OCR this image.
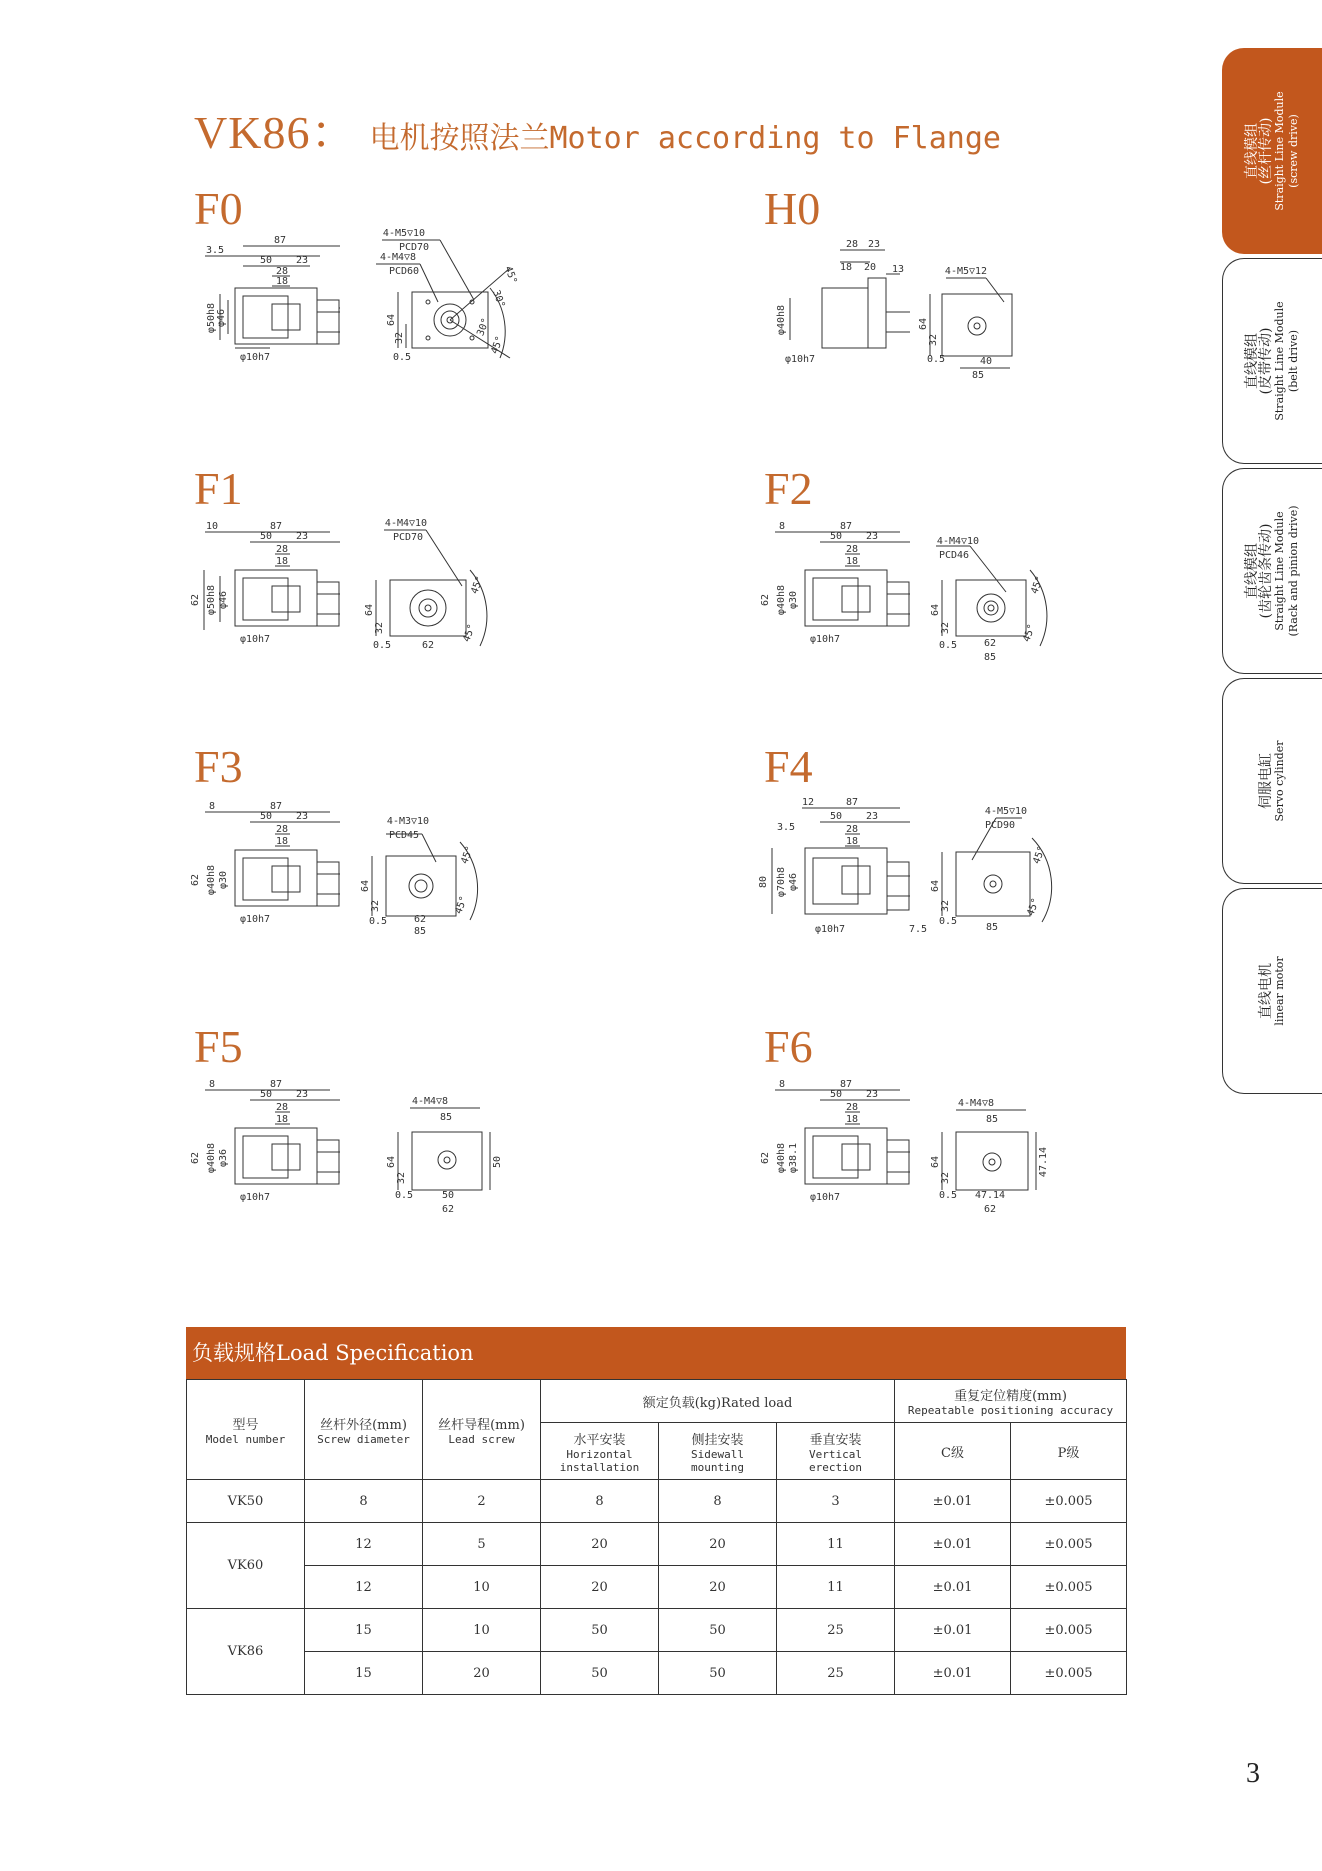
VK86： 电机按照法兰Motor according to Flange
F0	H0
F1	F2
F3	F4
F5	F6
87
3.5
50 23
28
18
φ50h8 φ46
φ10h7
4-M5▽10
PCD70
4-M4▽8
PCD60	45°
30°
30°
45°
64
32
0.5
28 23
18 20 13
φ40h8
φ10h7
64
32
0.5	40
85
4-M5▽12
10	87
50 23
28
18
62 φ50h8 φ46
φ10h7
64
32
0.5	62
4-M4▽10
PCD70
45°
45°
8	87
50 23
28
18
62 φ40h8 φ30
φ10h7
64
32
0.5	62
85
4-M4▽10
PCD46
45°
45°
8	87
50 23
28
18
62 φ40h8 φ30
φ10h7
64
32
0.5	62
85
4-M3▽10
PCD45
45°
45°
12	87
3.5
50 23
28
18
80 φ70h8 φ46
φ10h7	7.5
64
32
0.5
85
4-M5▽10
PCD90
45°
45°
8	87
50 23
28
18
62 φ40h8 φ36
φ10h7
85
64
32
0.5	50
62
50
4-M4▽8
8	87
50 23
28
18
62 φ40h8 φ38.1
φ10h7
85
64
32
0.5 47.14
62
47.14
4-M4▽8
直线模组
(丝杆传动) Straight Line Module (screw drive)
直线模组
(皮带传动) Straight Line Module (belt drive)
直线模组
(齿轮齿条传动) Straight Line Module (Rack and pinion drive)
伺服电缸 Servo cylinder
直线电机 linear motor
负载规格Load Specification
型号
Model number	丝杆外径(mm)
Screw diameter	丝杆导程(mm)
Lead screw	额定负载(kg)Rated load			重复定位精度(mm)
Repeatable positioning accuracy	

			水平安装
Horizontal
installation	侧挂安装
Sidewall
mounting	垂直安装
Vertical
erection	C级	P级
VK50	8	2	8	8	3	±0.01	±0.005
VK60	12	5	20	20	11	±0.01	±0.005
	12	10	20	20	11	±0.01	±0.005
VK86	15	10	50	50	25	±0.01	±0.005
	15	20	50	50	25	±0.01	±0.005
3
